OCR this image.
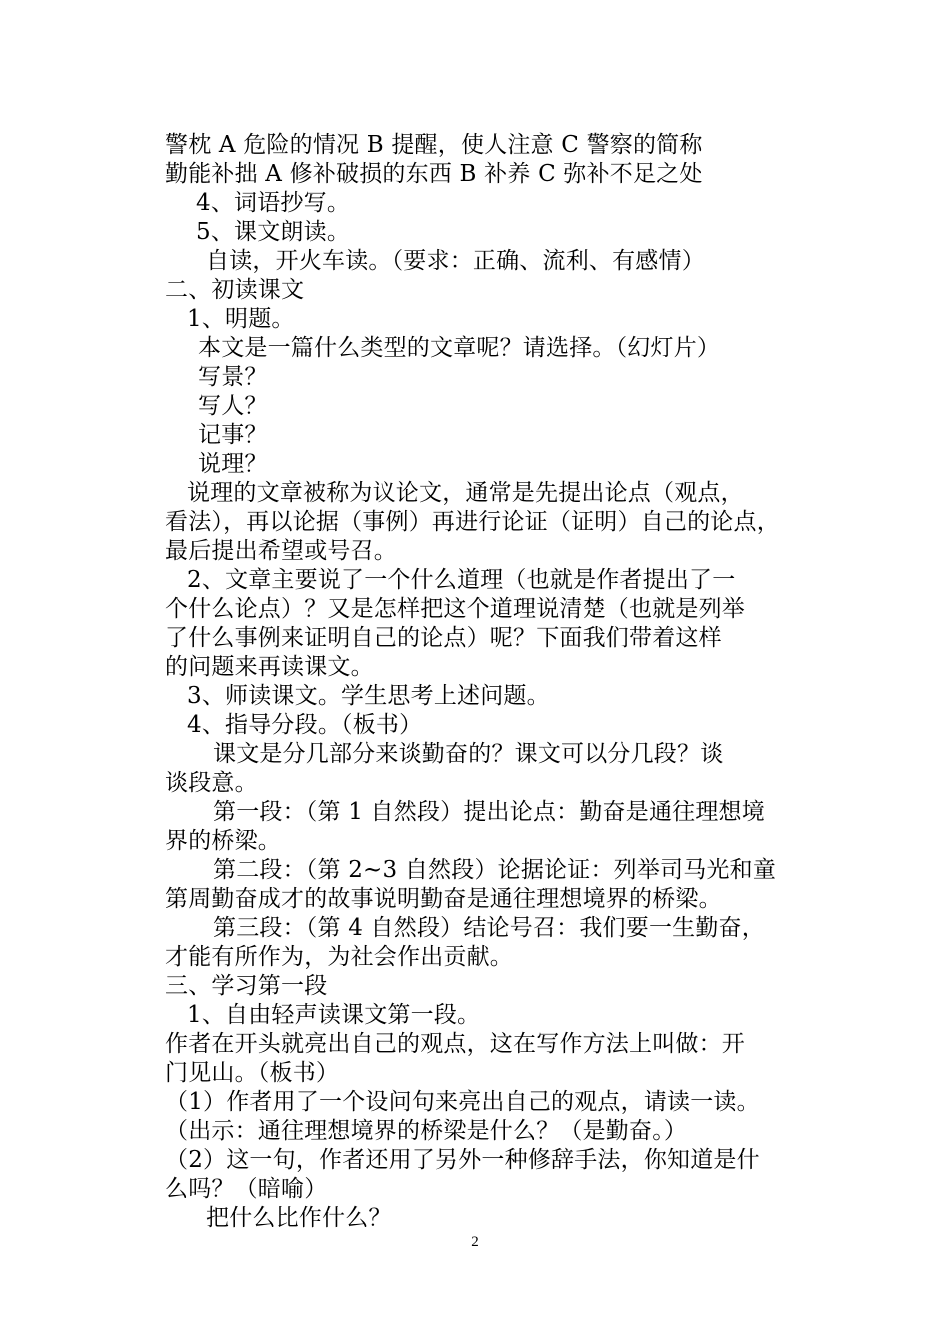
警枕 A 危险的情况 B 提醒，使人注意 C 警察的简称
勤能补拙 A 修补破损的东西 B 补养 C 弥补不足之处
4、词语抄写。
5、课文朗读。
自读，开火车读。（要求：正确、流利、有感情）
二、初读课文
1、明题。
本文是一篇什么类型的文章呢？请选择。（幻灯片）
写景？
写人？
记事？
说理？
说理的文章被称为议论文，通常是先提出论点（观点，
看法），再以论据（事例）再进行论证（证明）自己的论点，
最后提出希望或号召。
2、文章主要说了一个什么道理（也就是作者提出了一
个什么论点）？又是怎样把这个道理说清楚（也就是列举
了什么事例来证明自己的论点）呢？下面我们带着这样
的问题来再读课文。
3、师读课文。学生思考上述问题。
4、指导分段。（板书）
课文是分几部分来谈勤奋的？课文可以分几段？谈
谈段意。
第一段：（第 1 自然段）提出论点：勤奋是通往理想境
界的桥梁。
第二段：（第 2~3 自然段）论据论证：列举司马光和童
第周勤奋成才的故事说明勤奋是通往理想境界的桥梁。
第三段：（第 4 自然段）结论号召：我们要一生勤奋，
才能有所作为，为社会作出贡献。
三、学习第一段
1、自由轻声读课文第一段。
作者在开头就亮出自己的观点，这在写作方法上叫做：开
门见山。（板书）
（1）作者用了一个设问句来亮出自己的观点，请读一读。
（出示：通往理想境界的桥梁是什么？（是勤奋。）
（2）这一句，作者还用了另外一种修辞手法，你知道是什
么吗？（暗喻）
把什么比作什么？
2
